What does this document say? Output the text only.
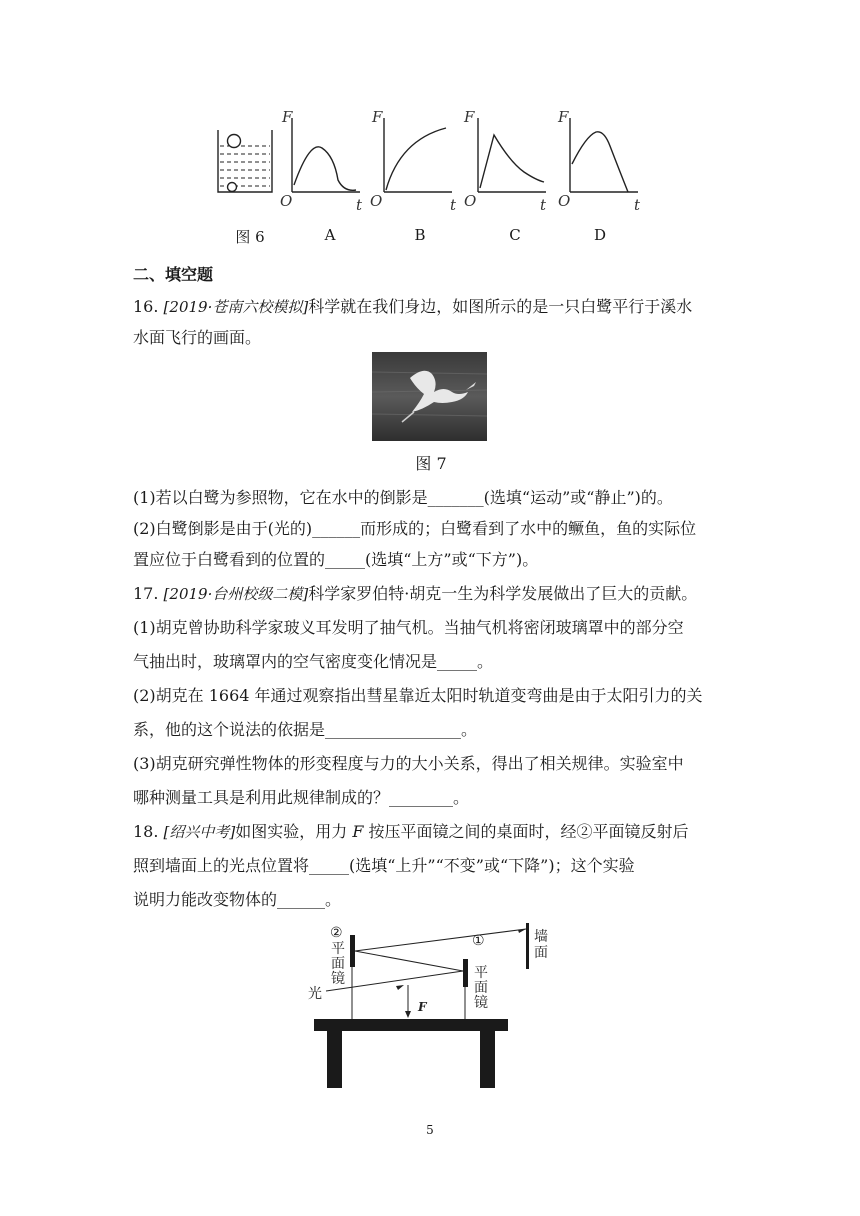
F
O	t
F
O	t
F
O	t
F
O	t
图 6	A	B	C	D
二、填空题
16. [2019·苍南六校模拟]科学就在我们身边，如图所示的是一只白鹭平行于溪水
水面飞行的画面。
图 7
(1)若以白鹭为参照物，它在水中的倒影是_______(选填“运动”或“静止”)的。
(2)白鹭倒影是由于(光的)______而形成的；白鹭看到了水中的鳜鱼，鱼的实际位
置应位于白鹭看到的位置的_____(选填“上方”或“下方”)。
17. [2019·台州校级二模]科学家罗伯特·胡克一生为科学发展做出了巨大的贡献。
(1)胡克曾协助科学家玻义耳发明了抽气机。当抽气机将密闭玻璃罩中的部分空
气抽出时，玻璃罩内的空气密度变化情况是_____。
(2)胡克在 1664 年通过观察指出彗星靠近太阳时轨道变弯曲是由于太阳引力的关
系，他的这个说法的依据是_________________。
(3)胡克研究弹性物体的形变程度与力的大小关系，得出了相关规律。实验室中
哪种测量工具是利用此规律制成的？________。
18. [绍兴中考]如图实验，用力 F 按压平面镜之间的桌面时，经②平面镜反射后
照到墙面上的光点位置将_____(选填“上升”“不变”或“下降”)；这个实验
说明力能改变物体的______。
F
②
平
面
镜
①
平
面
镜
墙
面
光
5
